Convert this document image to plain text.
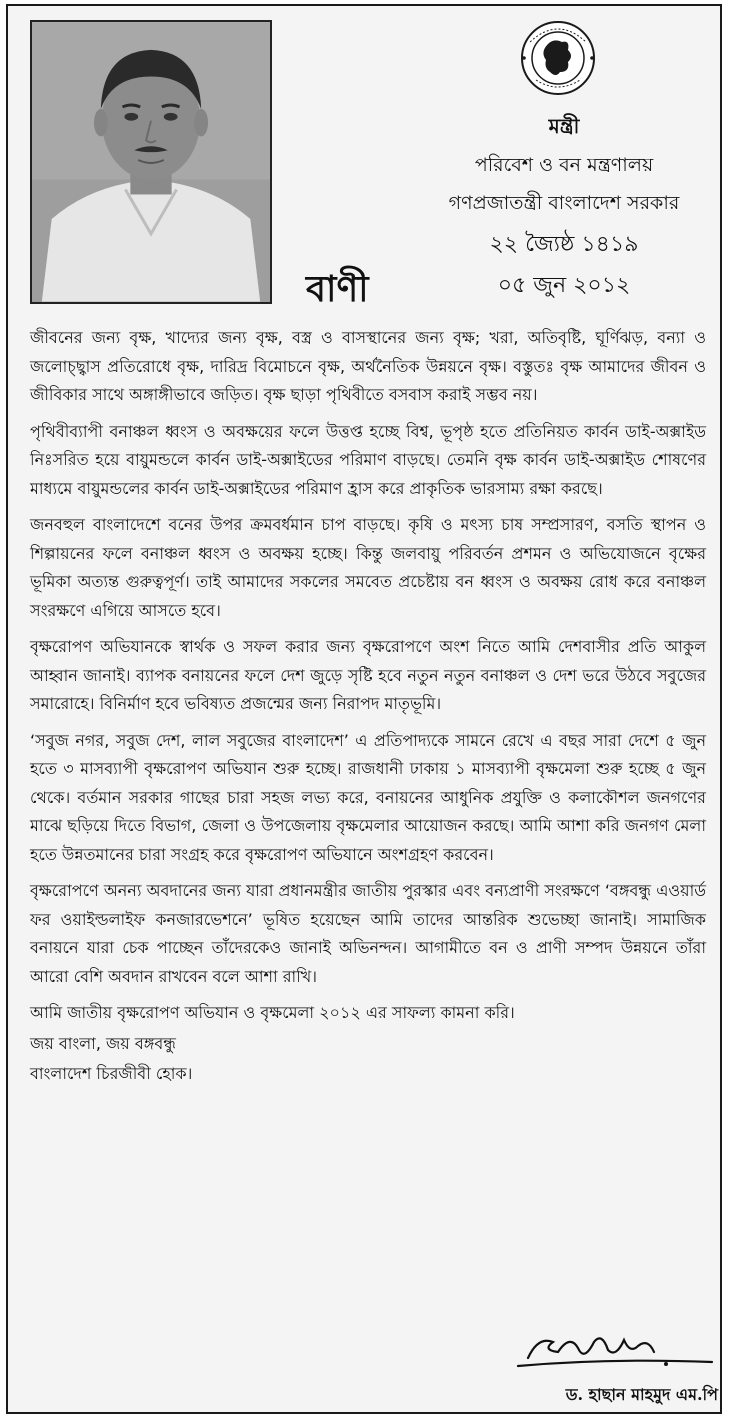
মন্ত্রী
পরিবেশ ও বন মন্ত্রণালয়
গণপ্রজাতন্ত্রী বাংলাদেশ সরকার
২২ জ্যৈষ্ঠ ১৪১৯
০৫ জুন ২০১২
বাণী

জীবনের জন্য বৃক্ষ, খাদ্যের জন্য বৃক্ষ, বস্ত্র ও বাসস্থানের জন্য বৃক্ষ; খরা, অতিবৃষ্টি, ঘূর্ণিঝড়, বন্যা ও জলোচ্ছ্বাস প্রতিরোধে বৃক্ষ, দারিদ্র বিমোচনে বৃক্ষ, অর্থনৈতিক উন্নয়নে বৃক্ষ। বস্তুতঃ বৃক্ষ আমাদের জীবন ও জীবিকার সাথে অঙ্গাঙ্গীভাবে জড়িত। বৃক্ষ ছাড়া পৃথিবীতে বসবাস করাই সম্ভব নয়।

পৃথিবীব্যাপী বনাঞ্চল ধ্বংস ও অবক্ষয়ের ফলে উত্তপ্ত হচ্ছে বিশ্ব, ভূপৃষ্ঠ হতে প্রতিনিয়ত কার্বন ডাই-অক্সাইড নিঃসরিত হয়ে বায়ুমন্ডলে কার্বন ডাই-অক্সাইডের পরিমাণ বাড়ছে। তেমনি বৃক্ষ কার্বন ডাই-অক্সাইড শোষণের মাধ্যমে বায়ুমন্ডলের কার্বন ডাই-অক্সাইডের পরিমাণ হ্রাস করে প্রাকৃতিক ভারসাম্য রক্ষা করছে।

জনবহুল বাংলাদেশে বনের উপর ক্রমবর্ধমান চাপ বাড়ছে। কৃষি ও মৎস্য চাষ সম্প্রসারণ, বসতি স্থাপন ও শিল্পায়নের ফলে বনাঞ্চল ধ্বংস ও অবক্ষয় হচ্ছে। কিন্তু জলবায়ু পরিবর্তন প্রশমন ও অভিযোজনে বৃক্ষের ভূমিকা অত্যন্ত গুরুত্বপূর্ণ। তাই আমাদের সকলের সমবেত প্রচেষ্টায় বন ধ্বংস ও অবক্ষয় রোধ করে বনাঞ্চল সংরক্ষণে এগিয়ে আসতে হবে।

বৃক্ষরোপণ অভিযানকে স্বার্থক ও সফল করার জন্য বৃক্ষরোপণে অংশ নিতে আমি দেশবাসীর প্রতি আকুল আহ্বান জানাই। ব্যাপক বনায়নের ফলে দেশ জুড়ে সৃষ্টি হবে নতুন নতুন বনাঞ্চল ও দেশ ভরে উঠবে সবুজের সমারোহে। বিনির্মাণ হবে ভবিষ্যত প্রজন্মের জন্য নিরাপদ মাতৃভূমি।

‘সবুজ নগর, সবুজ দেশ, লাল সবুজের বাংলাদেশ’ এ প্রতিপাদ্যকে সামনে রেখে এ বছর সারা দেশে ৫ জুন হতে ৩ মাসব্যাপী বৃক্ষরোপণ অভিযান শুরু হচ্ছে। রাজধানী ঢাকায় ১ মাসব্যাপী বৃক্ষমেলা শুরু হচ্ছে ৫ জুন থেকে। বর্তমান সরকার গাছের চারা সহজ লভ্য করে, বনায়নের আধুনিক প্রযুক্তি ও কলাকৌশল জনগণের মাঝে ছড়িয়ে দিতে বিভাগ, জেলা ও উপজেলায় বৃক্ষমেলার আয়োজন করছে। আমি আশা করি জনগণ মেলা হতে উন্নতমানের চারা সংগ্রহ করে বৃক্ষরোপণ অভিযানে অংশগ্রহণ করবেন।

বৃক্ষরোপণে অনন্য অবদানের জন্য যারা প্রধানমন্ত্রীর জাতীয় পুরস্কার এবং বন্যপ্রাণী সংরক্ষণে ‘বঙ্গবন্ধু এওয়ার্ড ফর ওয়াইল্ডলাইফ কনজারভেশনে’ ভূষিত হয়েছেন আমি তাদের আন্তরিক শুভেচ্ছা জানাই। সামাজিক বনায়নে যারা চেক পাচ্ছেন তাঁদেরকেও জানাই অভিনন্দন। আগামীতে বন ও প্রাণী সম্পদ উন্নয়নে তাঁরা আরো বেশি অবদান রাখবেন বলে আশা রাখি।

আমি জাতীয় বৃক্ষরোপণ অভিযান ও বৃক্ষমেলা ২০১২ এর সাফল্য কামনা করি।

জয় বাংলা, জয় বঙ্গবন্ধু

বাংলাদেশ চিরজীবী হোক।

ড. হাছান মাহমুদ এম.পি
